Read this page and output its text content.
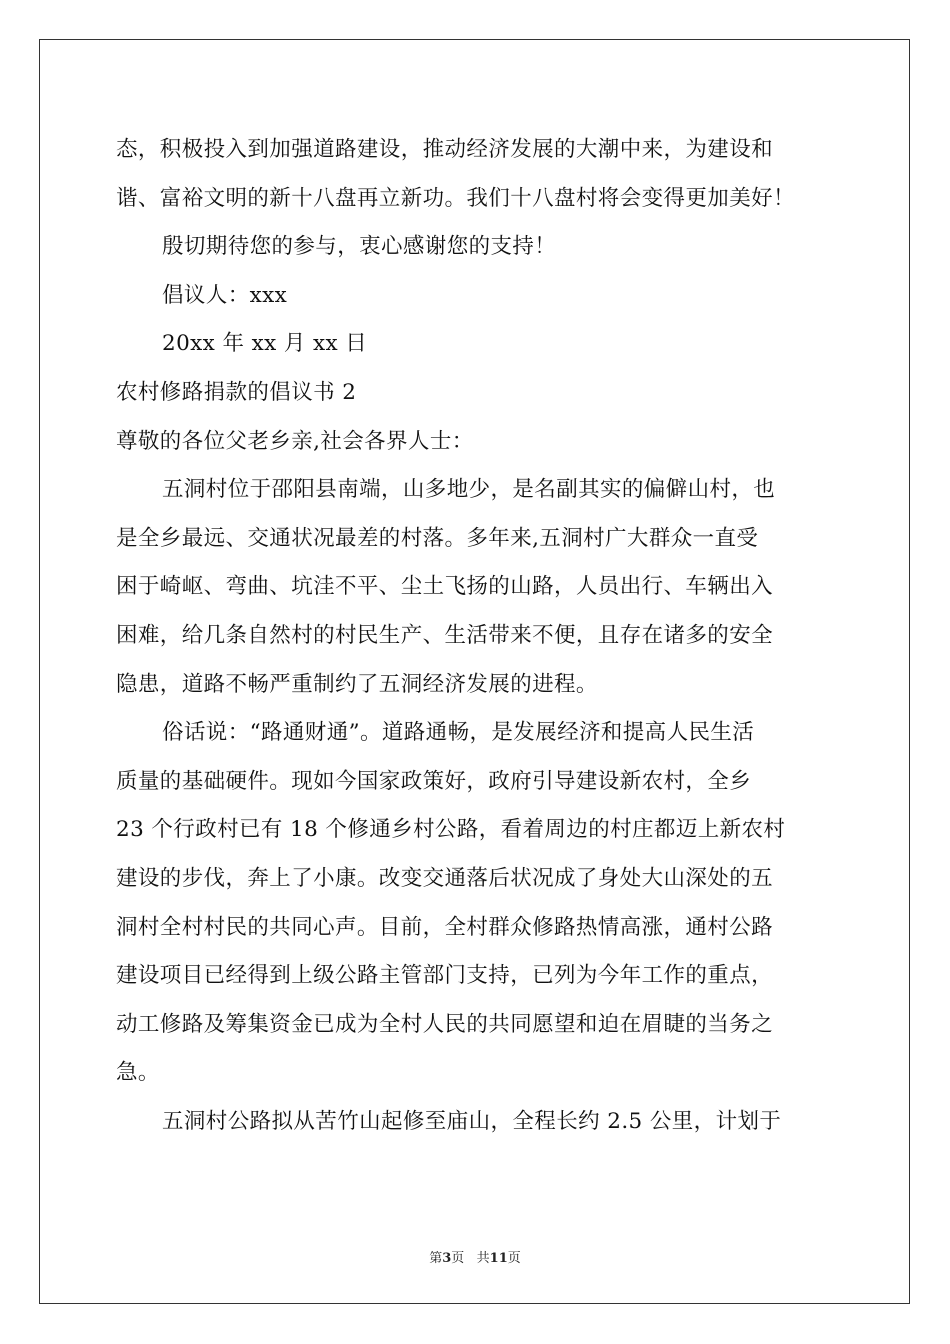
态，积极投入到加强道路建设，推动经济发展的大潮中来，为建设和
谐、富裕文明的新十八盘再立新功。我们十八盘村将会变得更加美好！
殷切期待您的参与，衷心感谢您的支持！
倡议人：xxx
20xx 年 xx 月 xx 日
农村修路捐款的倡议书 2
尊敬的各位父老乡亲,社会各界人士：
五洞村位于邵阳县南端，山多地少，是名副其实的偏僻山村，也
是全乡最远、交通状况最差的村落。多年来,五洞村广大群众一直受
困于崎岖、弯曲、坑洼不平、尘土飞扬的山路，人员出行、车辆出入
困难，给几条自然村的村民生产、生活带来不便，且存在诸多的安全
隐患，道路不畅严重制约了五洞经济发展的进程。
俗话说：“路通财通”。道路通畅，是发展经济和提高人民生活
质量的基础硬件。现如今国家政策好，政府引导建设新农村，全乡
23 个行政村已有 18 个修通乡村公路，看着周边的村庄都迈上新农村
建设的步伐，奔上了小康。改变交通落后状况成了身处大山深处的五
洞村全村村民的共同心声。目前，全村群众修路热情高涨，通村公路
建设项目已经得到上级公路主管部门支持，已列为今年工作的重点，
动工修路及筹集资金已成为全村人民的共同愿望和迫在眉睫的当务之
急。
五洞村公路拟从苦竹山起修至庙山，全程长约 2.5 公里，计划于
第3页   共11页
